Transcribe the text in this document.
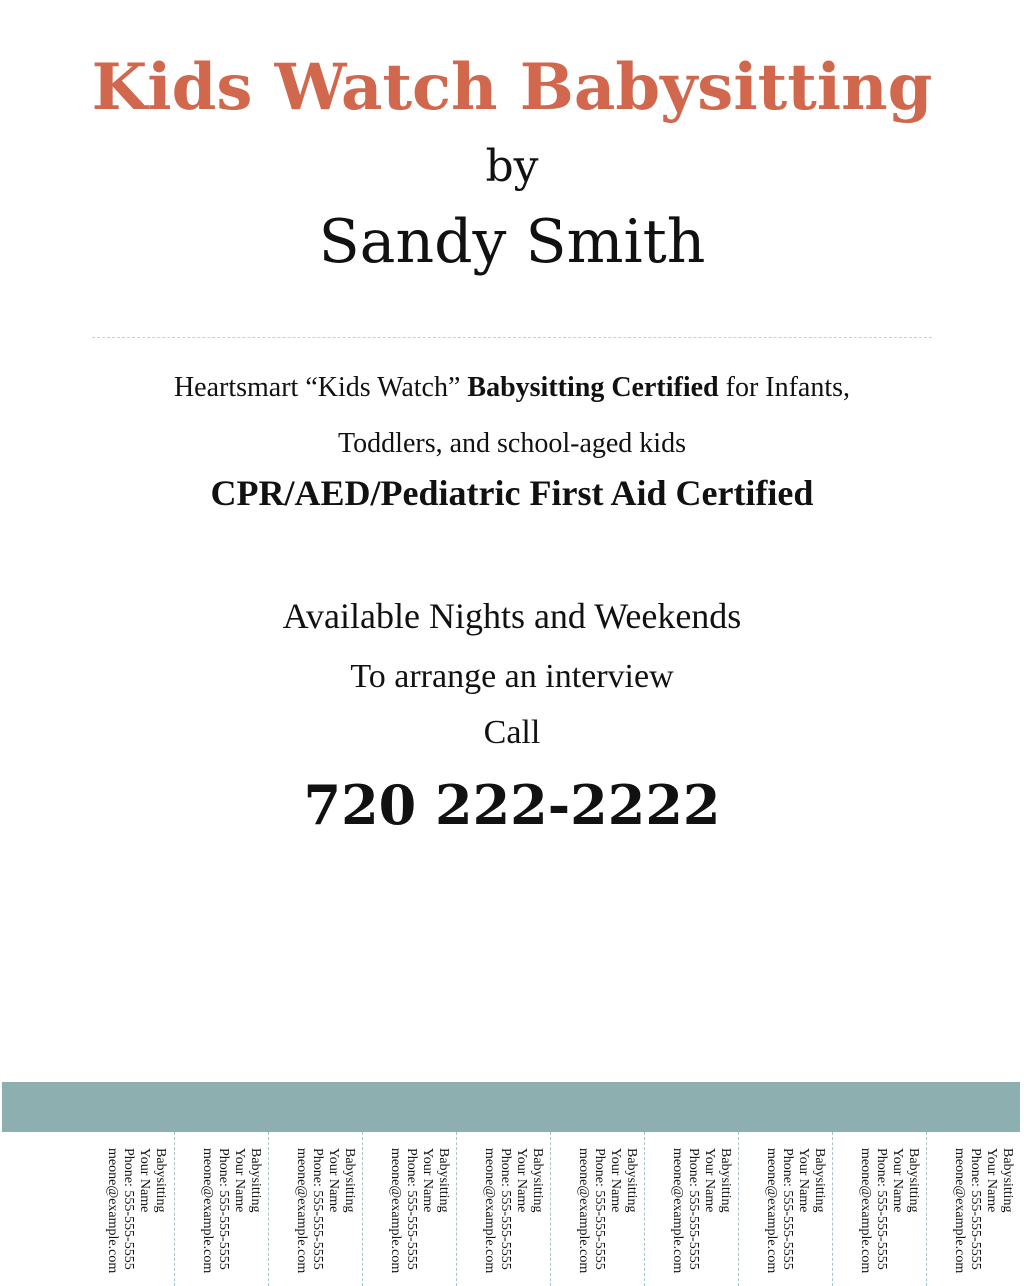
Kids Watch Babysitting
by
Sandy Smith
Heartsmart “Kids Watch” Babysitting Certified for Infants,
Toddlers, and school-aged kids
CPR/AED/Pediatric First Aid Certified
Available Nights and Weekends
To arrange an interview
Call
720 222-2222
Babysitting
Your Name
Phone: 555-555-5555
meone@example.com	Babysitting
Your Name
Phone: 555-555-5555
meone@example.com	Babysitting
Your Name
Phone: 555-555-5555
meone@example.com	Babysitting
Your Name
Phone: 555-555-5555
meone@example.com	Babysitting
Your Name
Phone: 555-555-5555
meone@example.com	Babysitting
Your Name
Phone: 555-555-5555
meone@example.com	Babysitting
Your Name
Phone: 555-555-5555
meone@example.com	Babysitting
Your Name
Phone: 555-555-5555
meone@example.com	Babysitting
Your Name
Phone: 555-555-5555
meone@example.com	Babysitting
Your Name
Phone: 555-555-5555
meone@example.com
